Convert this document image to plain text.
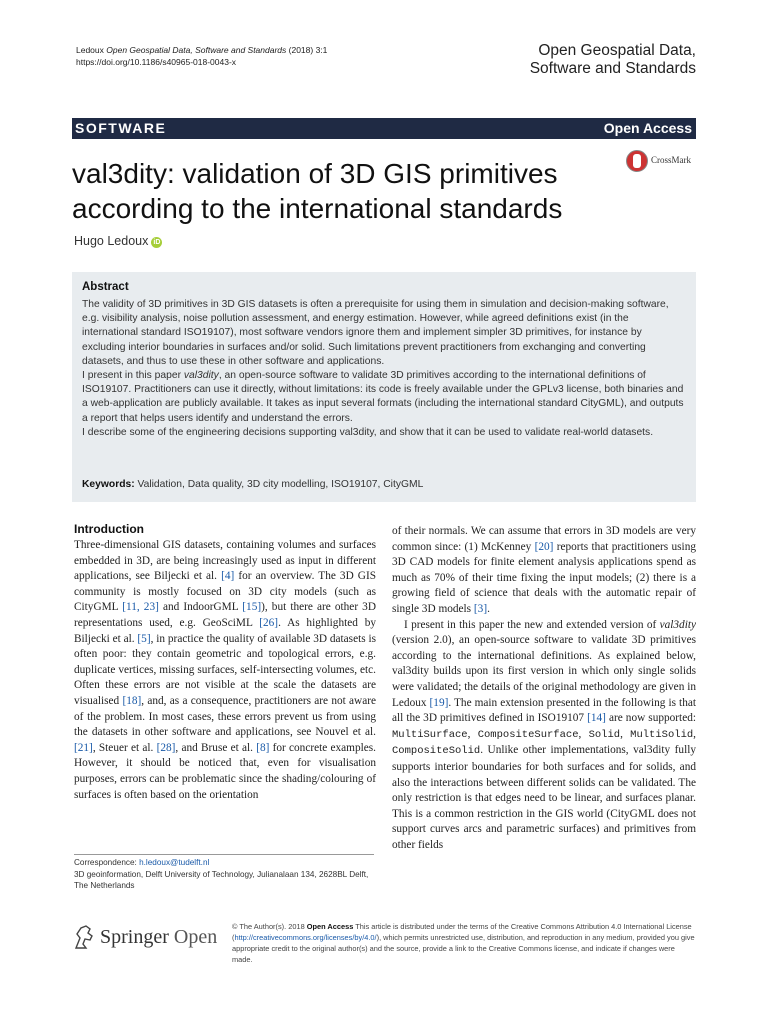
Ledoux Open Geospatial Data, Software and Standards (2018) 3:1
https://doi.org/10.1186/s40965-018-0043-x
Open Geospatial Data,
Software and Standards
SOFTWARE	Open Access
val3dity: validation of 3D GIS primitives according to the international standards
CrossMark
Hugo Ledoux iD
Abstract

The validity of 3D primitives in 3D GIS datasets is often a prerequisite for using them in simulation and decision-making software, e.g. visibility analysis, noise pollution assessment, and energy estimation. However, while agreed definitions exist (in the international standard ISO19107), most software vendors ignore them and implement simpler 3D primitives, for instance by excluding interior boundaries in surfaces and/or solid. Such limitations prevent practitioners from exchanging and converting datasets, and thus to use these in other software and applications.

I present in this paper val3dity, an open-source software to validate 3D primitives according to the international definitions of ISO19107. Practitioners can use it directly, without limitations: its code is freely available under the GPLv3 license, both binaries and a web-application are publicly available. It takes as input several formats (including the international standard CityGML), and outputs a report that helps users identify and understand the errors.

I describe some of the engineering decisions supporting val3dity, and show that it can be used to validate real-world datasets.

Keywords: Validation, Data quality, 3D city modelling, ISO19107, CityGML
Introduction

Three-dimensional GIS datasets, containing volumes and surfaces embedded in 3D, are being increasingly used as input in different applications, see Biljecki et al. [4] for an overview. The 3D GIS community is mostly focused on 3D city models (such as CityGML [11, 23] and IndoorGML [15]), but there are other 3D representations used, e.g. GeoSciML [26]. As highlighted by Biljecki et al. [5], in practice the quality of available 3D datasets is often poor: they contain geometric and topological errors, e.g. duplicate vertices, missing surfaces, self-intersecting volumes, etc. Often these errors are not visible at the scale the datasets are visualised [18], and, as a consequence, practitioners are not aware of the problem. In most cases, these errors prevent us from using the datasets in other software and applications, see Nouvel et al. [21], Steuer et al. [28], and Bruse et al. [8] for concrete examples. However, it should be noticed that, even for visualisation purposes, errors can be problematic since the shading/colouring of surfaces is often based on the orientation

of their normals. We can assume that errors in 3D models are very common since: (1) McKenney [20] reports that practitioners using 3D CAD models for finite element analysis applications spend as much as 70% of their time fixing the input models; (2) there is a growing field of science that deals with the automatic repair of single 3D models [3].

I present in this paper the new and extended version of val3dity (version 2.0), an open-source software to validate 3D primitives according to the international definitions. As explained below, val3dity builds upon its first version in which only single solids were validated; the details of the original methodology are given in Ledoux [19]. The main extension presented in the following is that all the 3D primitives defined in ISO19107 [14] are now supported: MultiSurface, CompositeSurface, Solid, MultiSolid, CompositeSolid. Unlike other implementations, val3dity fully supports interior boundaries for both surfaces and for solids, and also the interactions between different solids can be validated. The only restriction is that edges need to be linear, and surfaces planar. This is a common restriction in the GIS world (CityGML does not support curves arcs and parametric surfaces) and primitives from other fields

Correspondence: h.ledoux@tudelft.nl
3D geoinformation, Delft University of Technology, Julianalaan 134, 2628BL Delft, The Netherlands
Springer Open © The Author(s). 2018 Open Access This article is distributed under the terms of the Creative Commons Attribution 4.0 International License (http://creativecommons.org/licenses/by/4.0/), which permits unrestricted use, distribution, and reproduction in any medium, provided you give appropriate credit to the original author(s) and the source, provide a link to the Creative Commons license, and indicate if changes were made.
